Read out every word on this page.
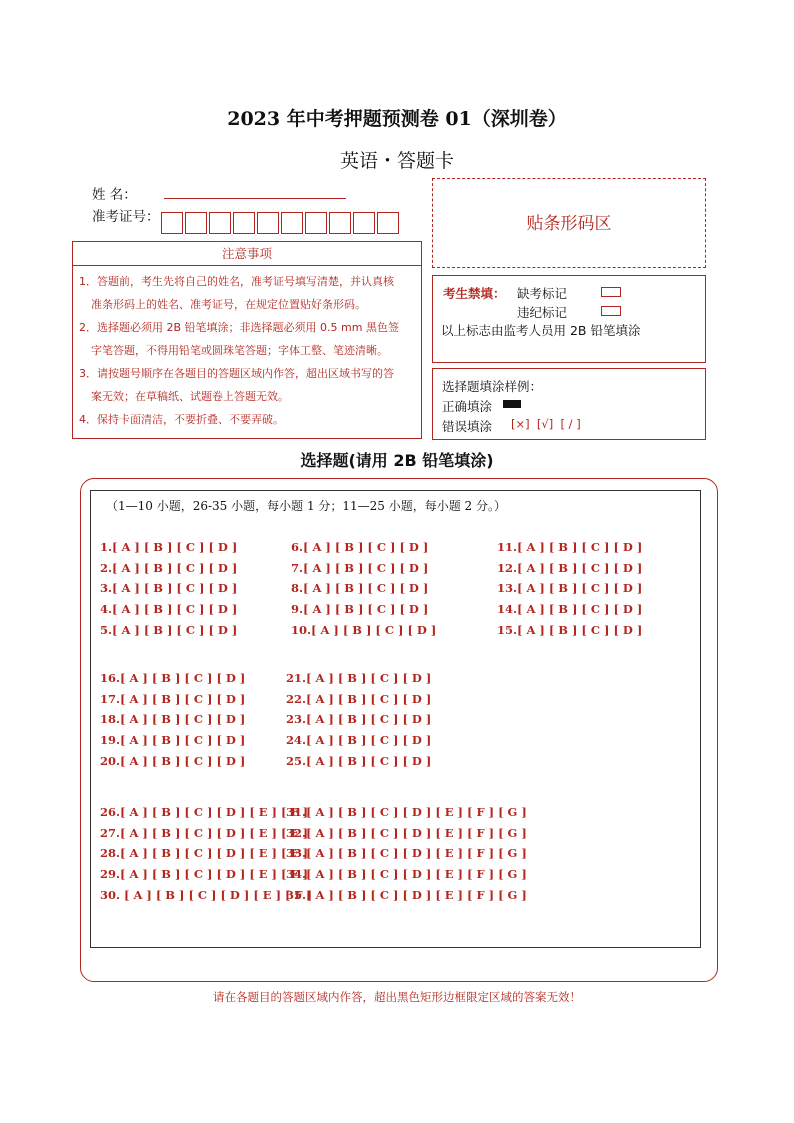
2023 年中考押题预测卷 01（深圳卷）
英语・答题卡
姓 名：
准考证号：	贴条形码区
注意事项
1．答题前，考生先将自己的姓名，准考证号填写清楚，并认真核
准条形码上的姓名、准考证号，在规定位置贴好条形码。
2．选择题必须用 2B 铅笔填涂；非选择题必须用 0.5 mm 黑色签
字笔答题，不得用铅笔或圆珠笔答题；字体工整、笔迹清晰。
3．请按题号顺序在各题目的答题区域内作答，超出区域书写的答
案无效；在草稿纸、试题卷上答题无效。
4．保持卡面清洁，不要折叠、不要弄破。
考生禁填： 缺考标记
违纪标记
以上标志由监考人员用 2B 铅笔填涂
选择题填涂样例：
正确填涂
错误填涂 [×]  [√]  [ / ]
选择题(请用 2B 铅笔填涂)
（1—10 小题，26-35 小题，每小题 1 分；11—25 小题，每小题 2 分。）
1.[ A ] [ B ] [ C ] [ D ]
2.[ A ] [ B ] [ C ] [ D ]
3.[ A ] [ B ] [ C ] [ D ]
4.[ A ] [ B ] [ C ] [ D ]
5.[ A ] [ B ] [ C ] [ D ]
6.[ A ] [ B ] [ C ] [ D ]
7.[ A ] [ B ] [ C ] [ D ]
8.[ A ] [ B ] [ C ] [ D ]
9.[ A ] [ B ] [ C ] [ D ]
10.[ A ] [ B ] [ C ] [ D ]
11.[ A ] [ B ] [ C ] [ D ]
12.[ A ] [ B ] [ C ] [ D ]
13.[ A ] [ B ] [ C ] [ D ]
14.[ A ] [ B ] [ C ] [ D ]
15.[ A ] [ B ] [ C ] [ D ]
16.[ A ] [ B ] [ C ] [ D ]
17.[ A ] [ B ] [ C ] [ D ]
18.[ A ] [ B ] [ C ] [ D ]
19.[ A ] [ B ] [ C ] [ D ]
20.[ A ] [ B ] [ C ] [ D ]
21.[ A ] [ B ] [ C ] [ D ]
22.[ A ] [ B ] [ C ] [ D ]
23.[ A ] [ B ] [ C ] [ D ]
24.[ A ] [ B ] [ C ] [ D ]
25.[ A ] [ B ] [ C ] [ D ]
26.[ A ] [ B ] [ C ] [ D ] [ E ] [ F ]
27.[ A ] [ B ] [ C ] [ D ] [ E ] [ F ]
28.[ A ] [ B ] [ C ] [ D ] [ E ] [ F ]
29.[ A ] [ B ] [ C ] [ D ] [ E ] [ F ]
30. [ A ] [ B ] [ C ] [ D ] [ E ] [ F ]
31.[ A ] [ B ] [ C ] [ D ] [ E ] [ F ] [ G ]
32.[ A ] [ B ] [ C ] [ D ] [ E ] [ F ] [ G ]
33.[ A ] [ B ] [ C ] [ D ] [ E ] [ F ] [ G ]
34.[ A ] [ B ] [ C ] [ D ] [ E ] [ F ] [ G ]
35.[ A ] [ B ] [ C ] [ D ] [ E ] [ F ] [ G ]
请在各题目的答题区域内作答，超出黑色矩形边框限定区域的答案无效！
